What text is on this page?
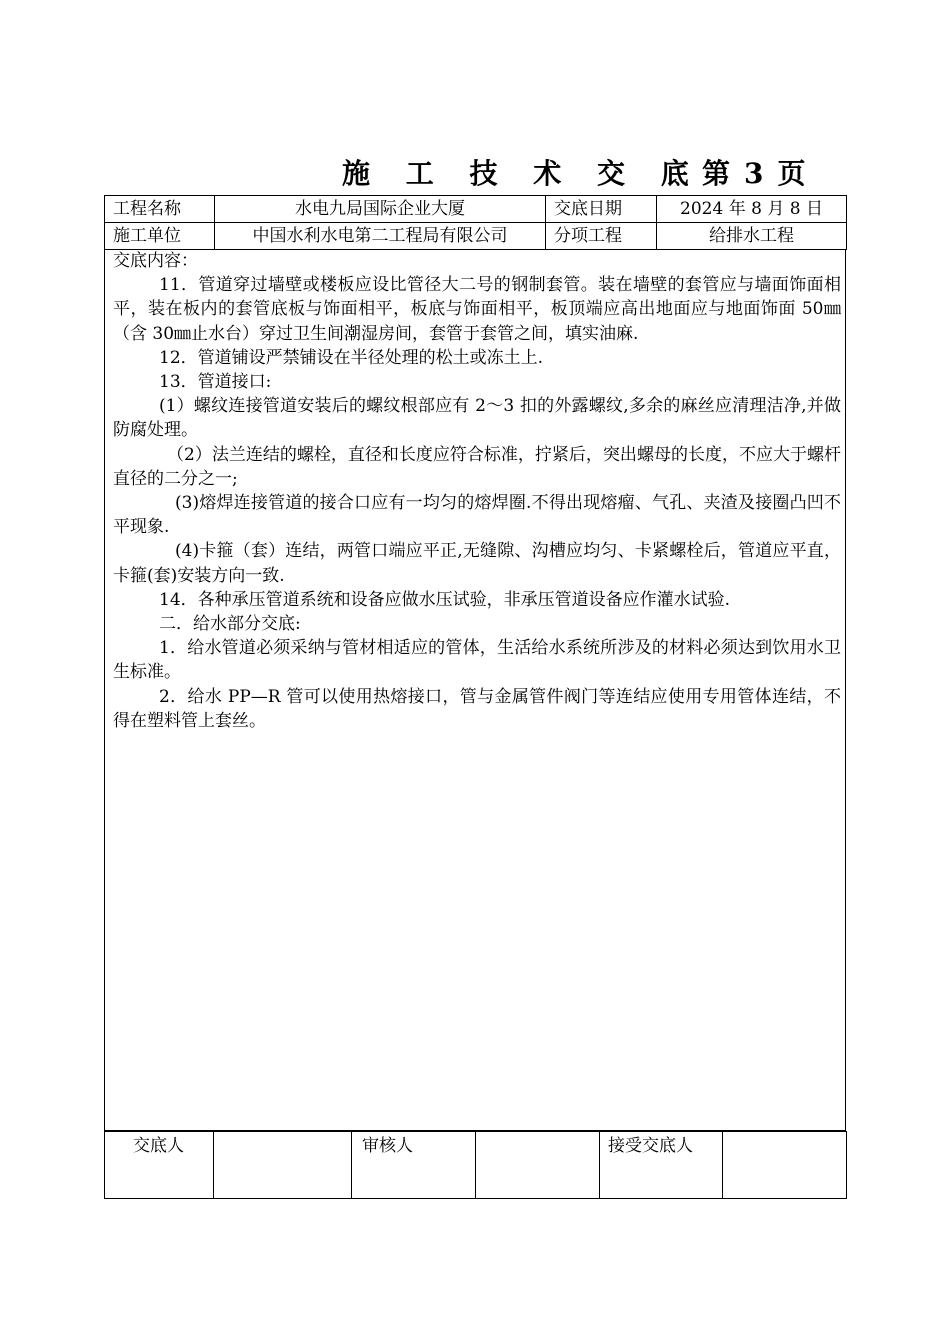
施 工 技 术 交 底 第 3 页
工程名称	水电九局国际企业大厦	交底日期	2024 年 8 月 8 日
施工单位	中国水利水电第二工程局有限公司	分项工程	给排水工程

交底内容：

11．管道穿过墙壁或楼板应设比管径大二号的钢制套管。装在墙壁的套管应与墙面饰面相平，装在板内的套管底板与饰面相平，板底与饰面相平，板顶端应高出地面应与地面饰面 50㎜（含 30㎜止水台）穿过卫生间潮湿房间，套管于套管之间，填实油麻.

12．管道铺设严禁铺设在半径处理的松土或冻土上.

13．管道接口:

(1）螺纹连接管道安装后的螺纹根部应有 2～3 扣的外露螺纹,多余的麻丝应清理洁净,并做防腐处理。

（2）法兰连结的螺栓，直径和长度应符合标准，拧紧后，突出螺母的长度，不应大于螺杆直径的二分之一;

(3)熔焊连接管道的接合口应有一均匀的熔焊圈.不得出现熔瘤、气孔、夹渣及接圈凸凹不平现象.

(4)卡箍（套）连结，两管口端应平正,无缝隙、沟槽应均匀、卡紧螺栓后，管道应平直，卡箍(套)安装方向一致.

14．各种承压管道系统和设备应做水压试验，非承压管道设备应作灌水试验.

二．给水部分交底:

1．给水管道必须采纳与管材相适应的管体，生活给水系统所涉及的材料必须达到饮用水卫生标准。

2．给水 PP—R 管可以使用热熔接口，管与金属管件阀门等连结应使用专用管体连结，不得在塑料管上套丝。

交底人		审核人		接受交底人	
